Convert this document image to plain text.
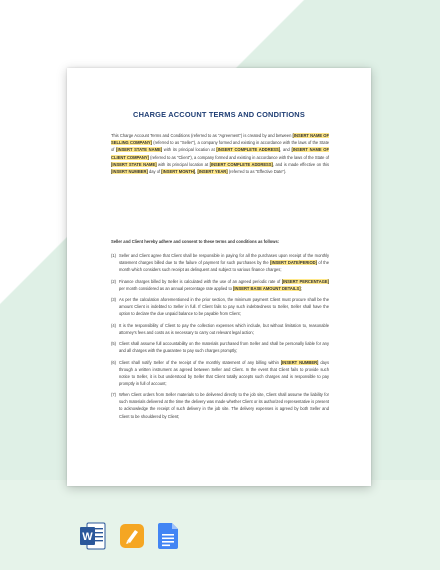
CHARGE ACCOUNT TERMS AND CONDITIONS
This Charge Account Terms and Conditions (referred to as "Agreement") is created by and between [INSERT NAME OF SELLING COMPANY] (referred to as "Seller"), a company formed and existing in accordance with the laws of the State of [INSERT STATE NAME] with its principal location at [INSERT COMPLETE ADDRESS], and [INSERT NAME OF CLIENT COMPANY] (referred to as "Client"), a company formed and existing in accordance with the laws of the State of [INSERT STATE NAME] with its principal location at [INSERT COMPLETE ADDRESS], and is made effective on this [INSERT NUMBER] day of [INSERT MONTH], [INSERT YEAR] (referred to as "Effective Date").
Seller and Client hereby adhere and consent to these terms and conditions as follows:
(1) Seller and Client agree that Client shall be responsible in paying for all the purchases upon receipt of the monthly statement charges billed due to the failure of payment for such purchases by the [INSERT DATE/PERIOD] of the month which considers such receipt as delinquent and subject to various finance charges;
(2) Finance charges billed by Seller is calculated with the use of an agreed periodic rate of [INSERT PERCENTAGE] per month considered as an annual percentage rate applied to [INSERT BASE AMOUNT DETAILS];
(3) As per the calculation aforementioned in the prior section, the minimum payment Client must procure shall be the amount Client is indebted to Seller in full. If Client fails to pay such indebtedness to Seller, Seller shall have the option to declare the due unpaid balance to be payable from Client;
(4) It is the responsibility of Client to pay the collection expenses which include, but without limitation to, reasonable attorney's fees and costs as is necessary to carry out relevant legal action;
(5) Client shall assume full accountability on the materials purchased from Seller and shall be personally liable for any and all charges with the guarantee to pay such charges promptly;
(6) Client shall notify Seller of the receipt of the monthly statement of any billing within [INSERT NUMBER] days through a written instrument as agreed between Seller and Client. In the event that Client fails to provide such notice to Seller, it is but understood by Seller that Client totally accepts such charges and is responsible to pay promptly in full of account;
(7) When Client orders from Seller materials to be delivered directly to the job site, Client shall assume the liability for such materials delivered at the time the delivery was made whether Client or its authorized representative is present to acknowledge the receipt of such delivery in the job site. The delivery expenses is agreed by both Seller and Client to be shouldered by Client;
W
